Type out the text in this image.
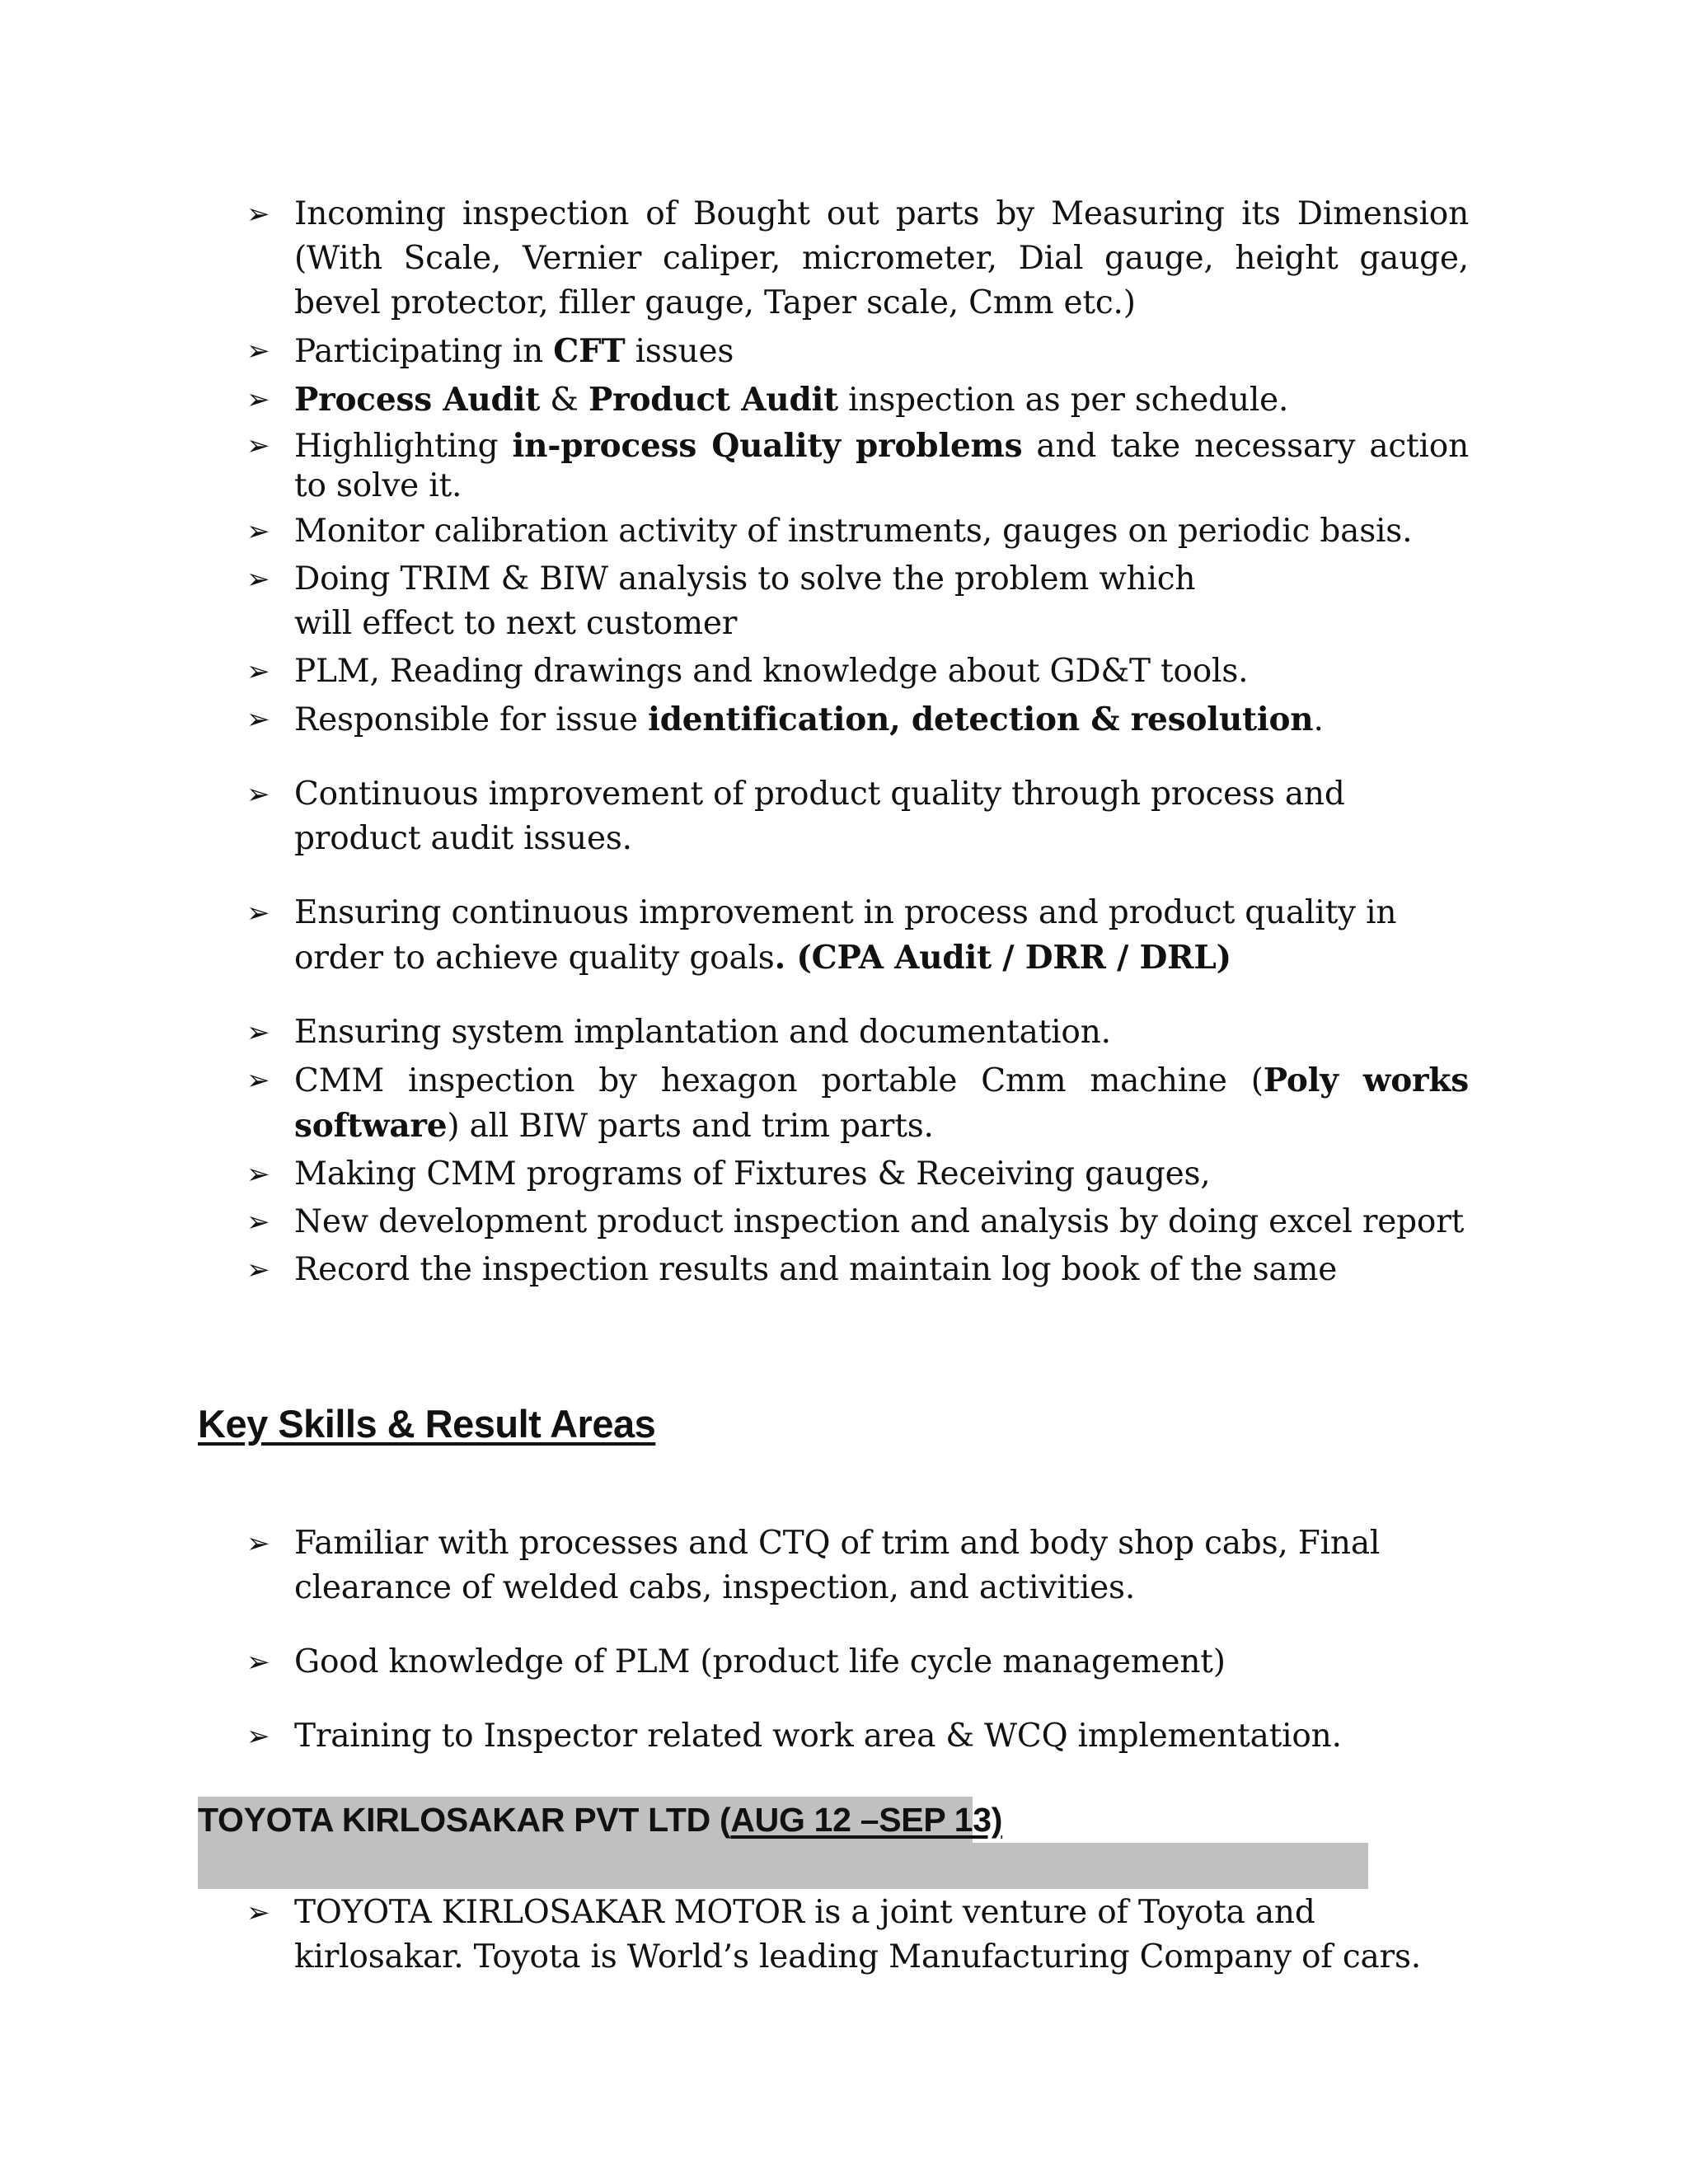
➢ Incoming inspection of Bought out parts by Measuring its Dimension (With Scale, Vernier caliper, micrometer, Dial gauge, height gauge, bevel protector, filler gauge, Taper scale, Cmm etc.)
➢ Participating in CFT issues
➢ Process Audit & Product Audit inspection as per schedule.
➢ Highlighting in-process Quality problems and take necessary action to solve it.
➢ Monitor calibration activity of instruments, gauges on periodic basis.
➢ Doing TRIM & BIW analysis to solve the problem which
will effect to next customer
➢ PLM, Reading drawings and knowledge about GD&T tools.
➢ Responsible for issue identification, detection & resolution.
➢ Continuous improvement of product quality through process and
product audit issues.
➢ Ensuring continuous improvement in process and product quality in
order to achieve quality goals. (CPA Audit / DRR / DRL)
➢ Ensuring system implantation and documentation.
➢ CMM inspection by hexagon portable Cmm machine (Poly works software) all BIW parts and trim parts.
➢ Making CMM programs of Fixtures & Receiving gauges,
➢ New development product inspection and analysis by doing excel report
➢ Record the inspection results and maintain log book of the same
Key Skills & Result Areas
➢ Familiar with processes and CTQ of trim and body shop cabs, Final
clearance of welded cabs, inspection, and activities.
➢ Good knowledge of PLM (product life cycle management)
➢ Training to Inspector related work area & WCQ implementation.
TOYOTA KIRLOSAKAR PVT LTD (AUG 12 –SEP 13)
➢ TOYOTA KIRLOSAKAR MOTOR is a joint venture of Toyota and
kirlosakar. Toyota is World’s leading Manufacturing Company of cars.
